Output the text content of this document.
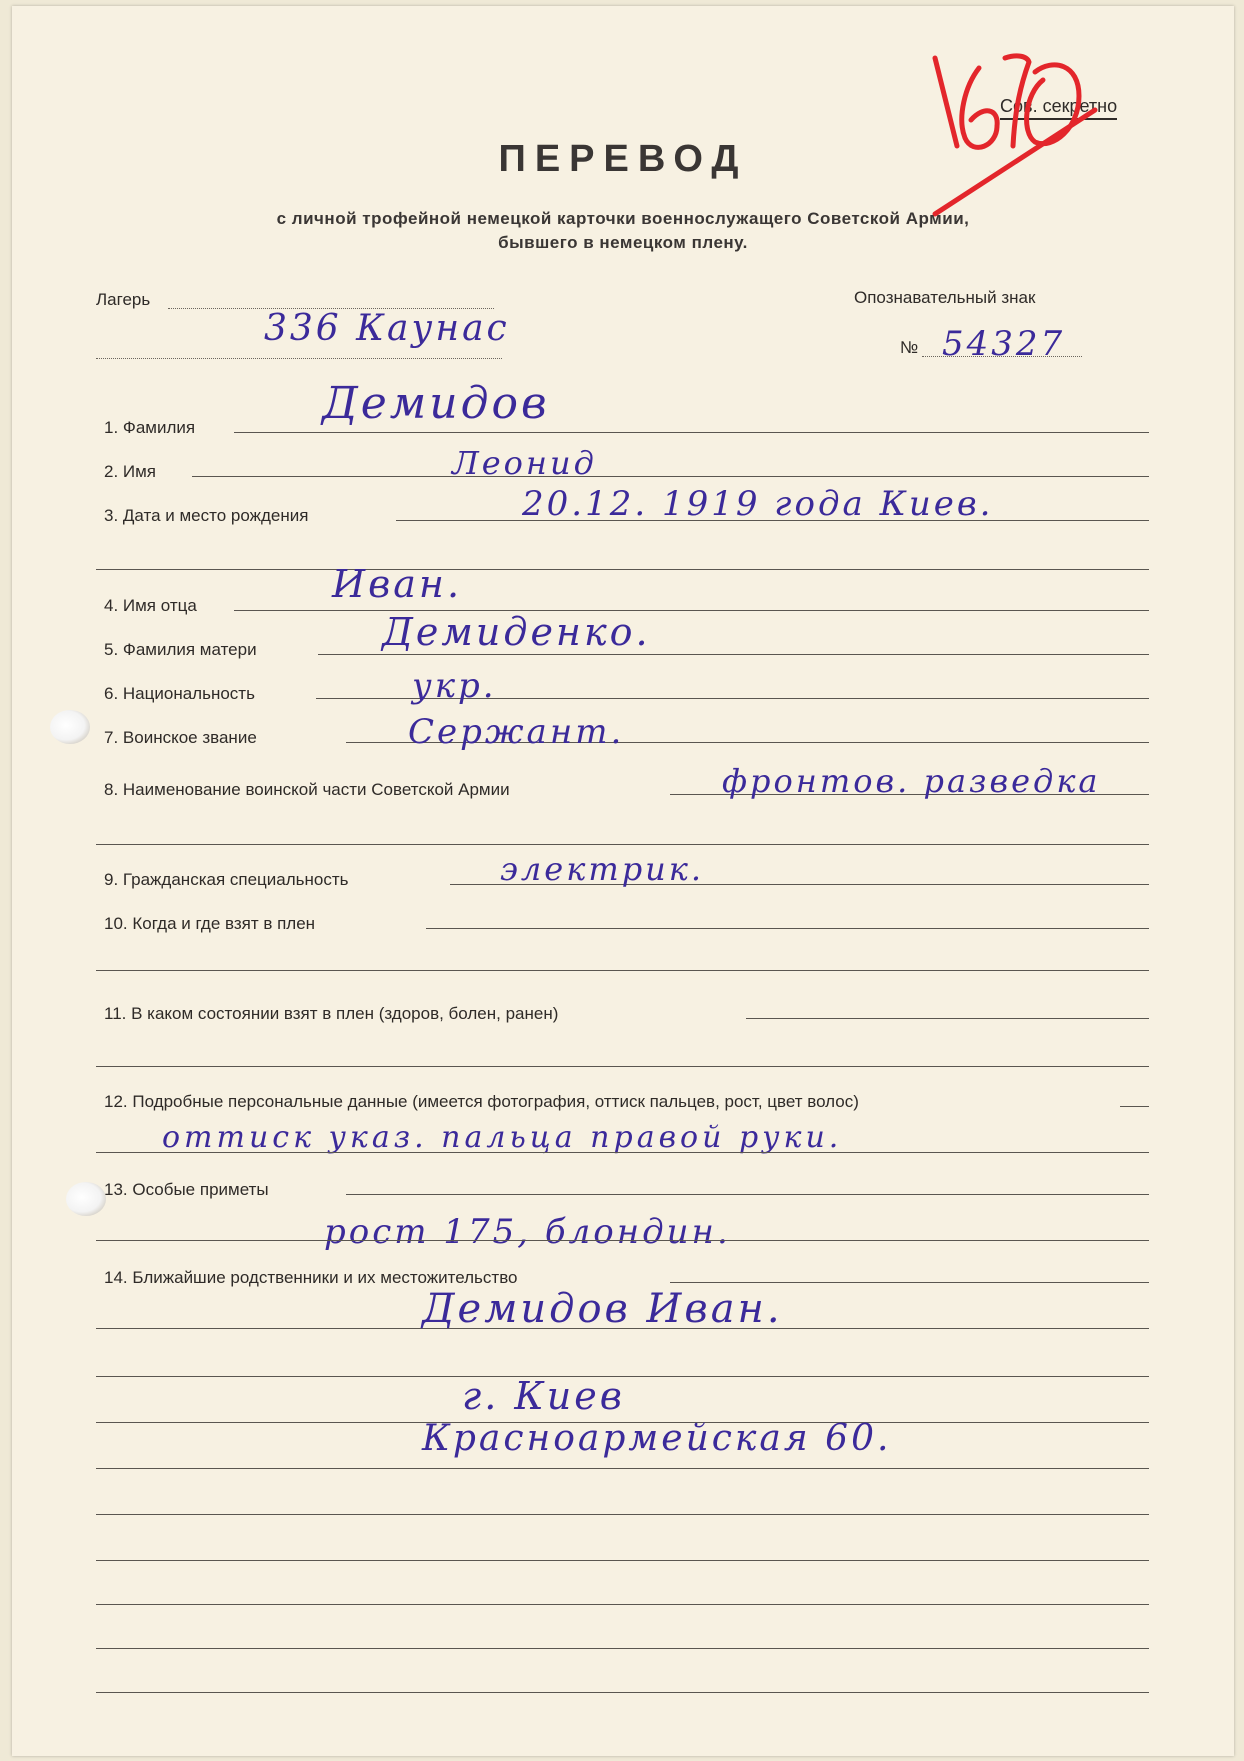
Сов. секретно
ПЕРЕВОД
с личной трофейной немецкой карточки военнослужащего Советской Армии,
бывшего в немецком плену.
Лагерь
336 Каунас
Опознавательный знак
№ 54327
1. Фамилия	Демидов
2. Имя	Леонид
3. Дата и место рождения	20.12. 1919 года Киев.
4. Имя отца	Иван.
5. Фамилия матери	Демиденко.
6. Национальность	укр.
7. Воинское звание	Сержант.
8. Наименование воинской части Советской Армии	фронтов. разведка
9. Гражданская специальность	электрик.
10. Когда и где взят в плен
11. В каком состоянии взят в плен (здоров, болен, ранен)
12. Подробные персональные данные (имеется фотография, оттиск пальцев, рост, цвет волос)
оттиск указ. пальца правой руки.
13. Особые приметы
рост 175, блондин.
14. Ближайшие родственники и их местожительство
Демидов Иван.
г. Киев
Красноармейская 60.
